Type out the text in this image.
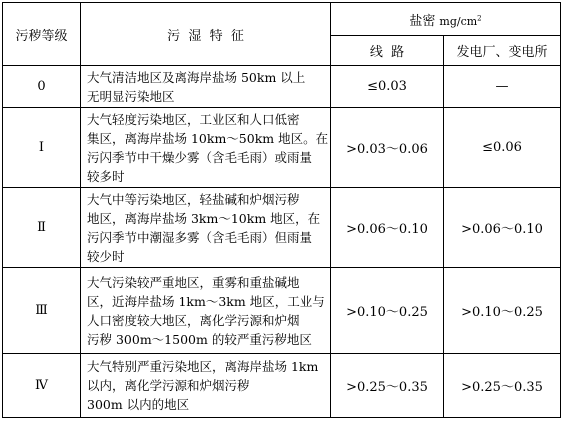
污秽等级	污  湿  特  征	盐密 $mg/cm^2$
		线  路	发电厂、变电所
0	大气清洁地区及离海岸盐场 50km 以上
无明显污染地区	≤0.03	—
Ⅰ	大气轻度污染地区，工业区和人口低密
集区，离海岸盐场 10km～50km 地区。在
污闪季节中干燥少雾（含毛毛雨）或雨量
较多时	>0.03～0.06	≤0.06
Ⅱ	大气中等污染地区，轻盐碱和炉烟污秽
地区，离海岸盐场 3km～10km 地区，在
污闪季节中潮湿多雾（含毛毛雨）但雨量
较少时	>0.06～0.10	>0.06～0.10
Ⅲ	大气污染较严重地区，重雾和重盐碱地
区，近海岸盐场 1km～3km 地区，工业与
人口密度较大地区，离化学污源和炉烟
污秽 300m～1500m 的较严重污秽地区	>0.10～0.25	>0.10～0.25
Ⅳ	大气特别严重污染地区，离海岸盐场 1km
以内，离化学污源和炉烟污秽
300m 以内的地区	>0.25～0.35	>0.25～0.35
